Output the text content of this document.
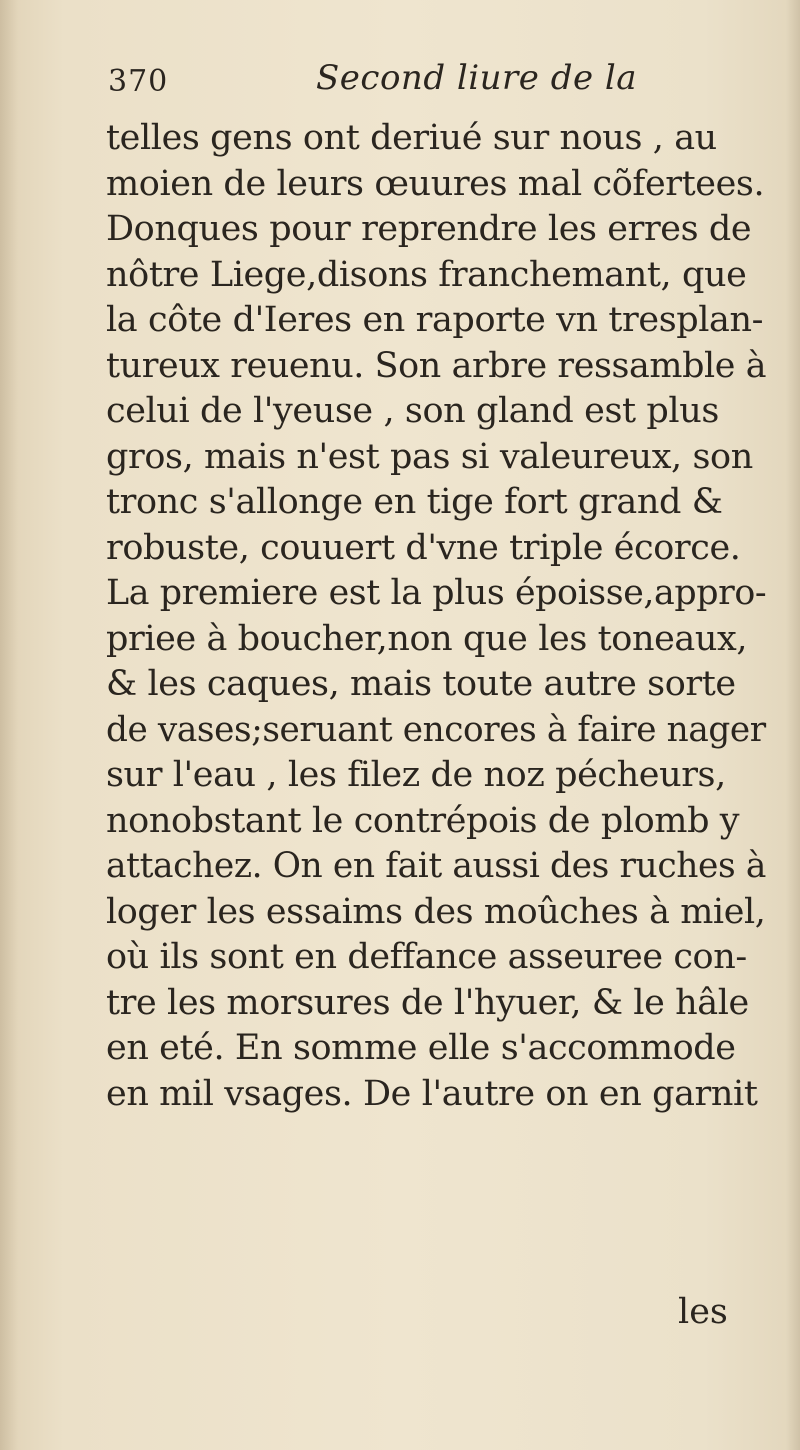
370	Second liure de la
telles gens ont deriué sur nous , au
moien de leurs œuures mal cõfertees.
Donques pour reprendre les erres de
nôtre Liege,disons franchemant, que
la côte d'Ieres en raporte vn tresplan-
tureux reuenu. Son arbre ressamble à
celui de l'yeuse , son gland est plus
gros, mais n'est pas si valeureux, son
tronc s'allonge en tige fort grand &
robuste, couuert d'vne triple écorce.
La premiere est la plus époisse,appro-
priee à boucher,non que les toneaux,
& les caques, mais toute autre sorte
de vases;seruant encores à faire nager
sur l'eau , les filez de noz pécheurs,
nonobstant le contrépois de plomb y
attachez. On en fait aussi des ruches à
loger les essaims des moûches à miel,
où ils sont en deffance asseuree con-
tre les morsures de l'hyuer, & le hâle
en eté. En somme elle s'accommode
en mil vsages. De l'autre on en garnit
les
